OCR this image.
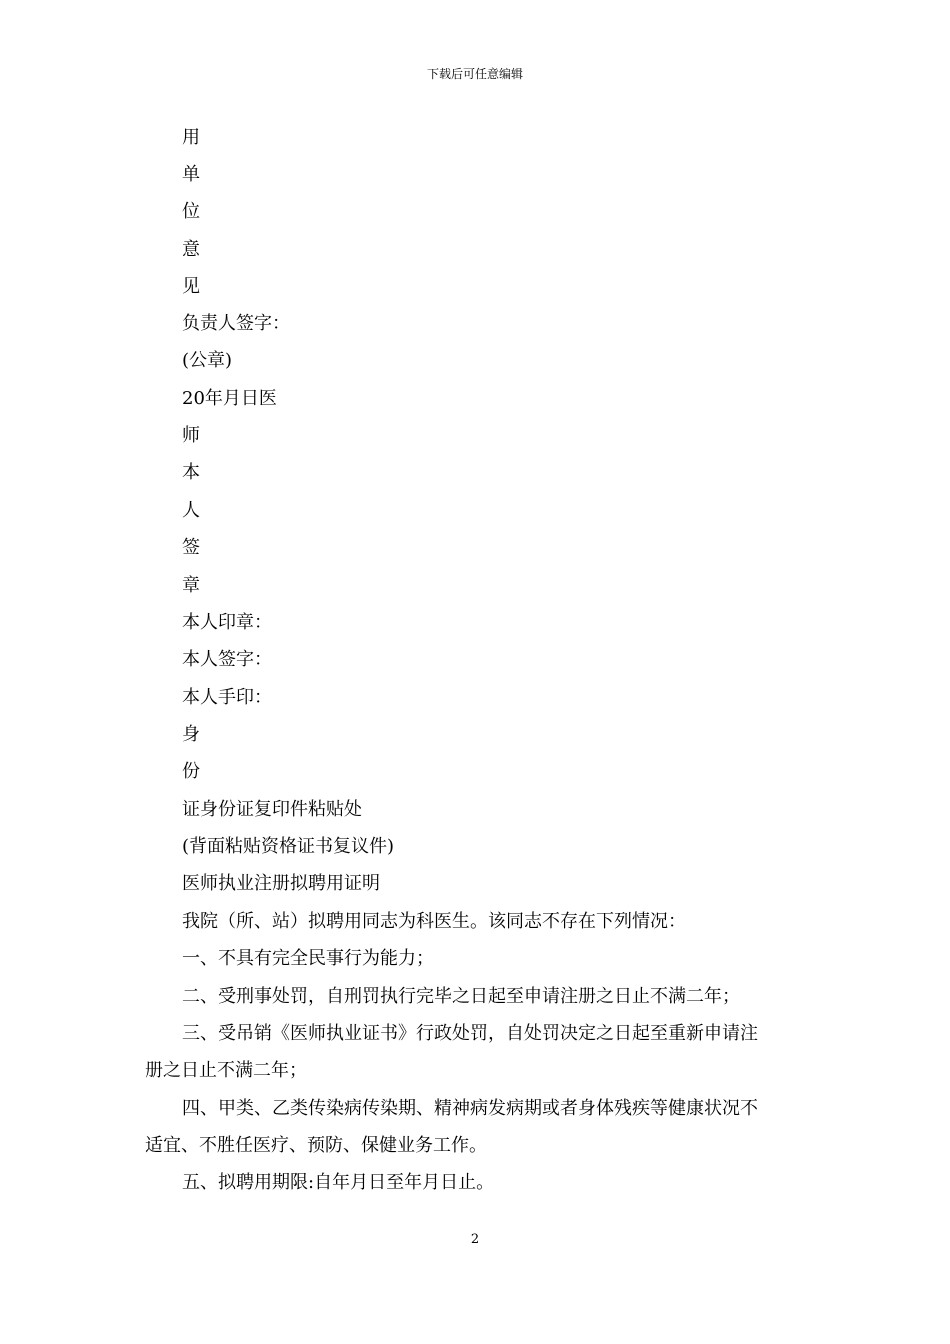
下载后可任意编辑
用
单
位
意
见
负责人签字：
(公章)
20年月日医
师
本
人
签
章
本人印章：
本人签字：
本人手印：
身
份
证身份证复印件粘贴处
(背面粘贴资格证书复议件)
医师执业注册拟聘用证明
我院（所、站）拟聘用同志为科医生。该同志不存在下列情况：
一、不具有完全民事行为能力；
二、受刑事处罚，自刑罚执行完毕之日起至申请注册之日止不满二年；
三、受吊销《医师执业证书》行政处罚，自处罚决定之日起至重新申请注
册之日止不满二年；
四、甲类、乙类传染病传染期、精神病发病期或者身体残疾等健康状况不
适宜、不胜任医疗、预防、保健业务工作。
五、拟聘用期限:自年月日至年月日止。
2
